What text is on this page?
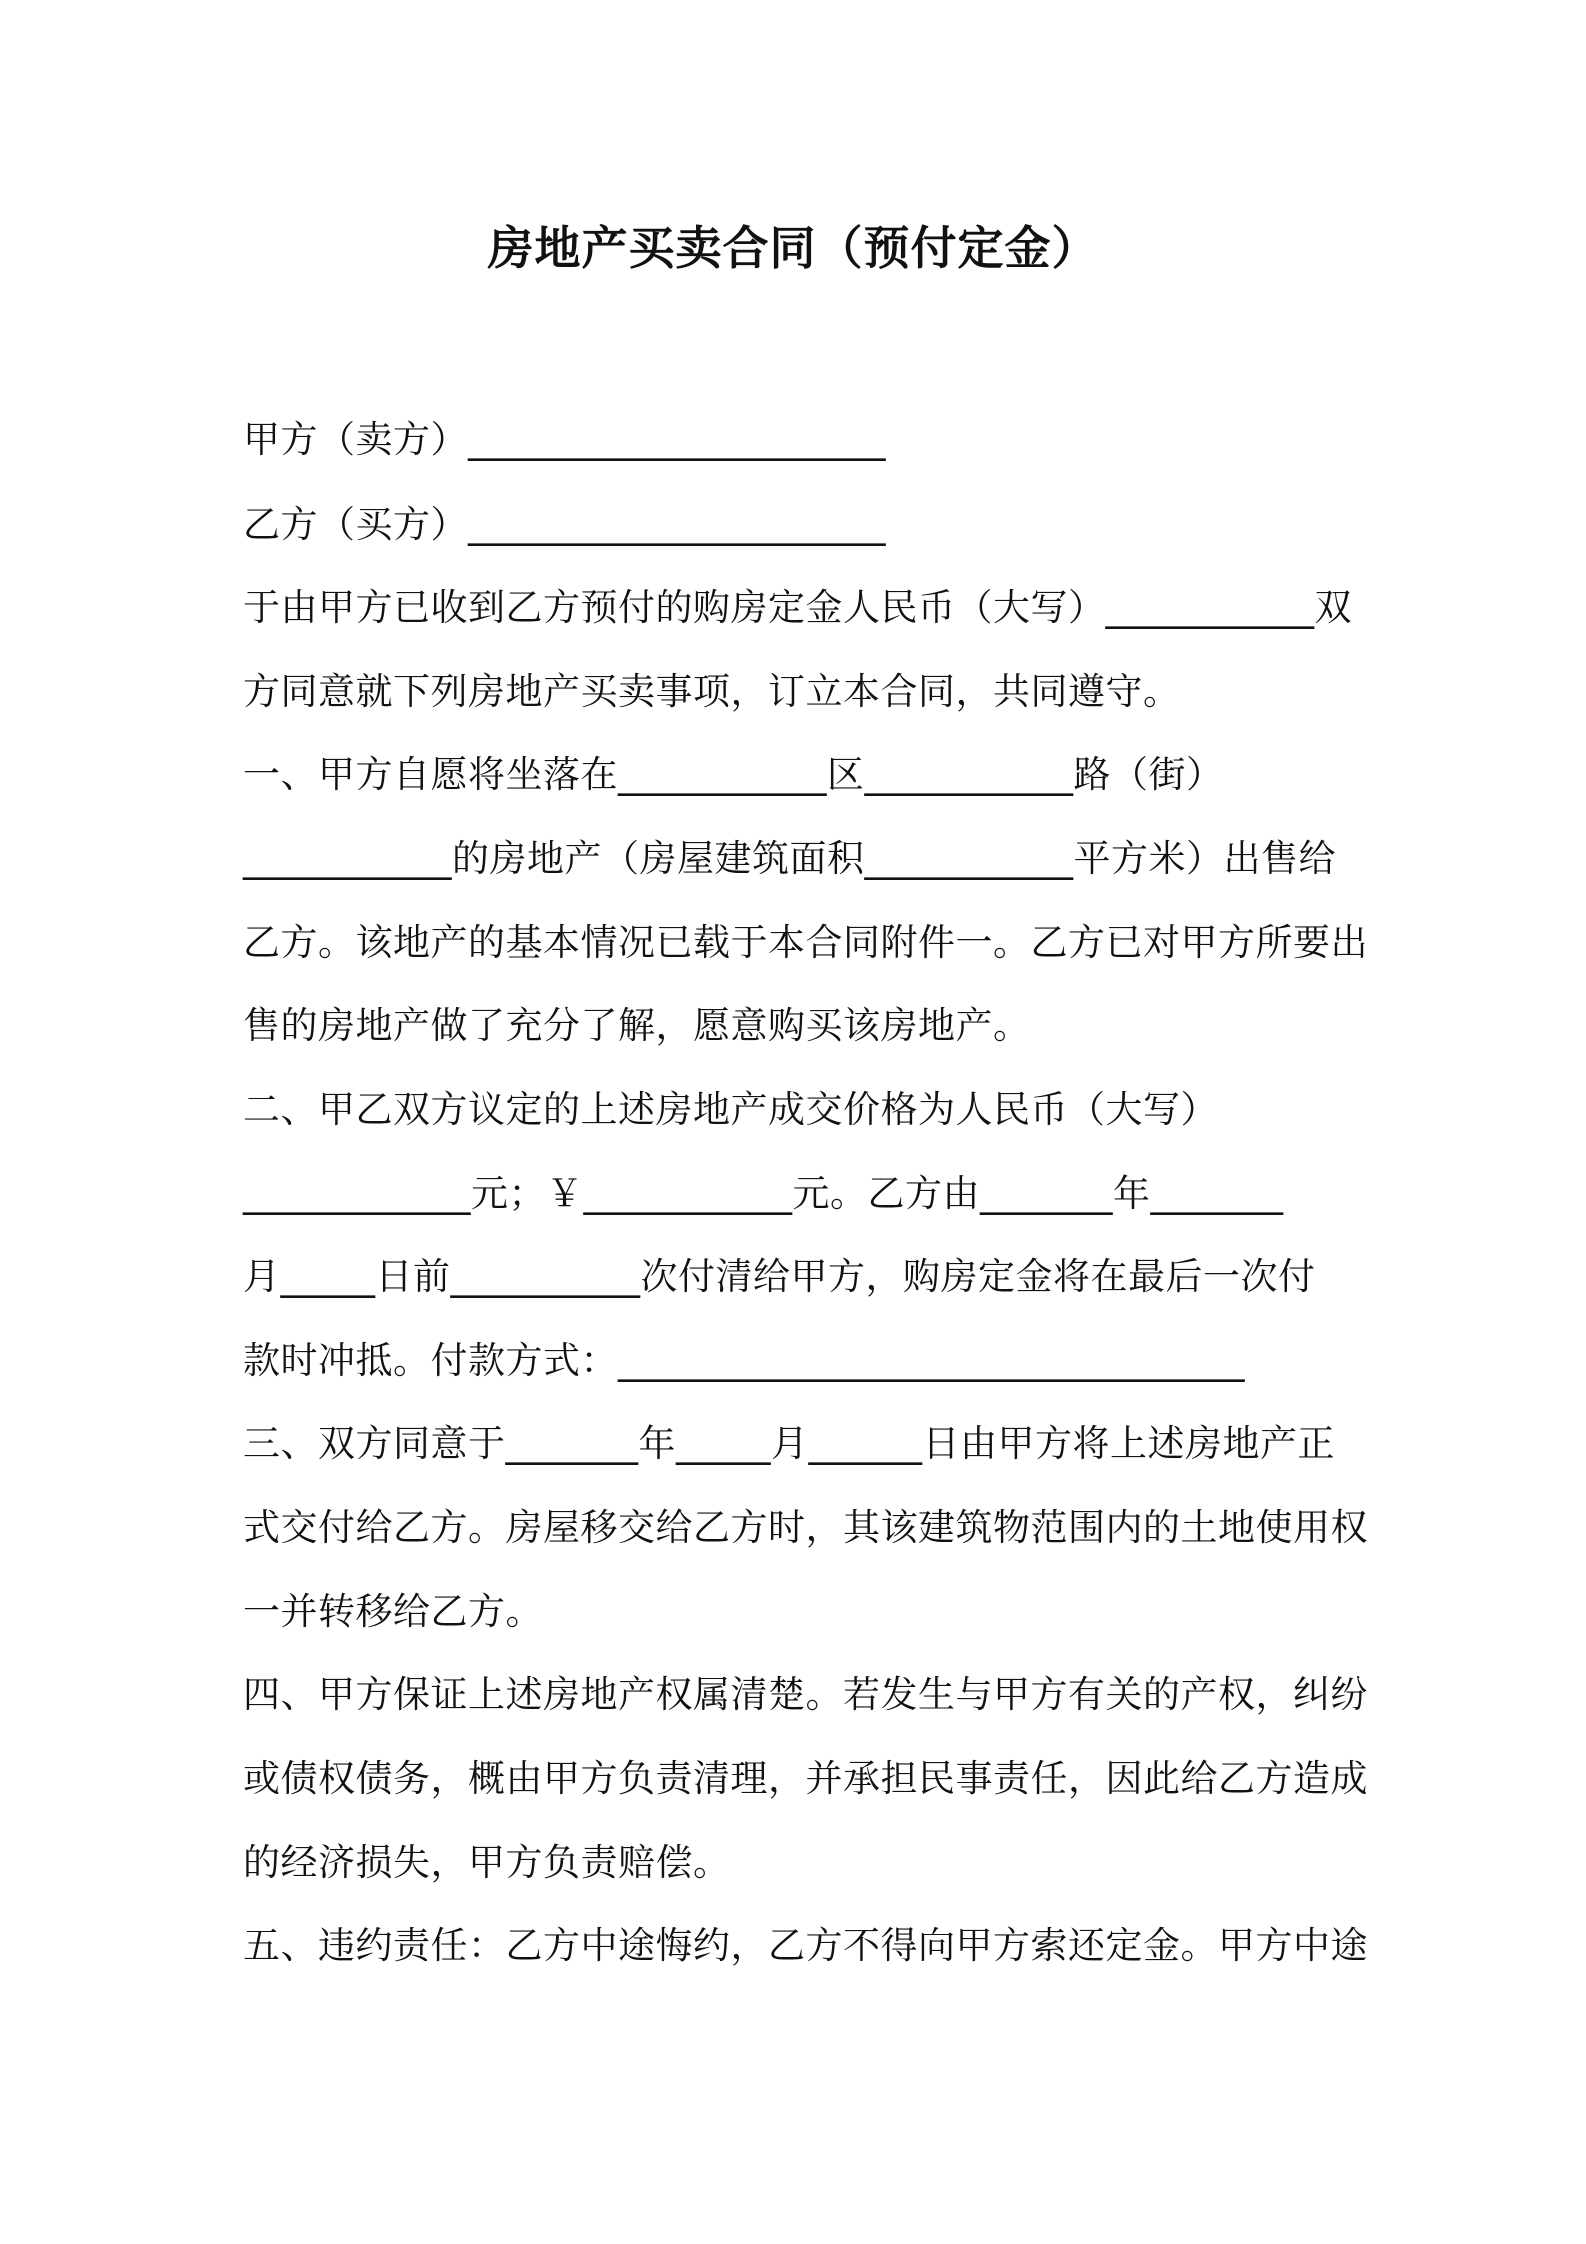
房地产买卖合同（预付定金）
甲方（卖方）______________________
乙方（买方）______________________
于由甲方已收到乙方预付的购房定金人民币（大写）___________双
方同意就下列房地产买卖事项，订立本合同，共同遵守。
一、甲方自愿将坐落在___________区___________路（街）
___________的房地产（房屋建筑面积___________平方米）出售给
乙方。该地产的基本情况已载于本合同附件一。乙方已对甲方所要出
售的房地产做了充分了解，愿意购买该房地产。
二、甲乙双方议定的上述房地产成交价格为人民币（大写）
____________元；￥___________元。乙方由_______年_______
月_____日前__________次付清给甲方，购房定金将在最后一次付
款时冲抵。付款方式：_________________________________
三、双方同意于_______年_____月______日由甲方将上述房地产正
式交付给乙方。房屋移交给乙方时，其该建筑物范围内的土地使用权
一并转移给乙方。
四、甲方保证上述房地产权属清楚。若发生与甲方有关的产权，纠纷
或债权债务，概由甲方负责清理，并承担民事责任，因此给乙方造成
的经济损失，甲方负责赔偿。
五、违约责任：乙方中途悔约，乙方不得向甲方索还定金。甲方中途
